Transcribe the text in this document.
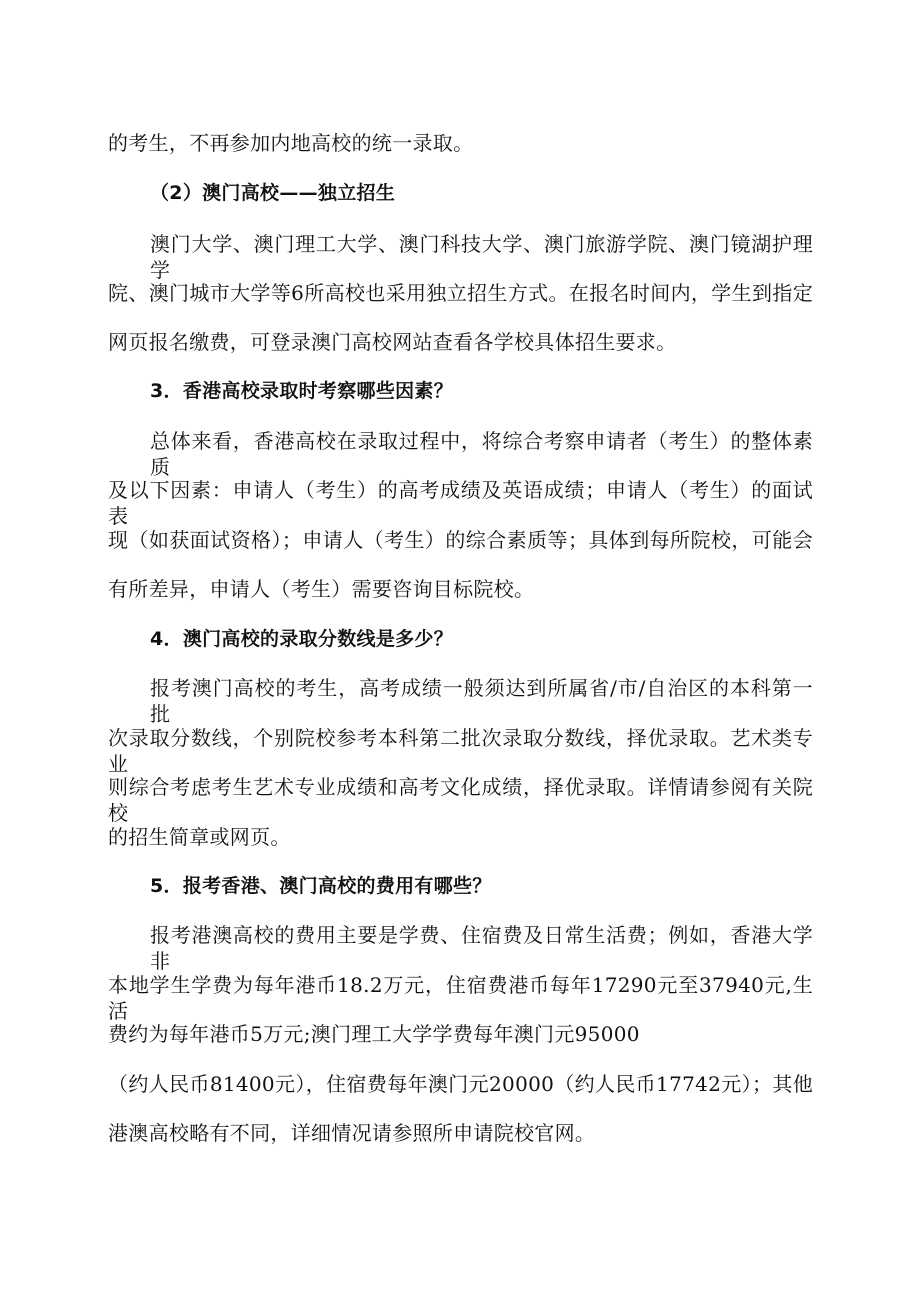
的考生，不再参加内地高校的统一录取。
（2）澳门高校——独立招生
澳门大学、澳门理工大学、澳门科技大学、澳门旅游学院、澳门镜湖护理学
院、澳门城市大学等6所高校也采用独立招生方式。在报名时间内，学生到指定
网页报名缴费，可登录澳门高校网站查看各学校具体招生要求。
3．香港高校录取时考察哪些因素？
总体来看，香港高校在录取过程中，将综合考察申请者（考生）的整体素质
及以下因素：申请人（考生）的高考成绩及英语成绩；申请人（考生）的面试表
现（如获面试资格）；申请人（考生）的综合素质等；具体到每所院校，可能会
有所差异，申请人（考生）需要咨询目标院校。
4．澳门高校的录取分数线是多少？
报考澳门高校的考生，高考成绩一般须达到所属省/市/自治区的本科第一批
次录取分数线，个别院校参考本科第二批次录取分数线，择优录取。艺术类专业
则综合考虑考生艺术专业成绩和高考文化成绩，择优录取。详情请参阅有关院校
的招生简章或网页。
5．报考香港、澳门高校的费用有哪些？
报考港澳高校的费用主要是学费、住宿费及日常生活费；例如，香港大学非
本地学生学费为每年港币18.2万元，住宿费港币每年17290元至37940元,生活
费约为每年港币5万元;澳门理工大学学费每年澳门元95000
（约人民币81400元），住宿费每年澳门元20000（约人民币17742元）；其他
港澳高校略有不同，详细情况请参照所申请院校官网。
